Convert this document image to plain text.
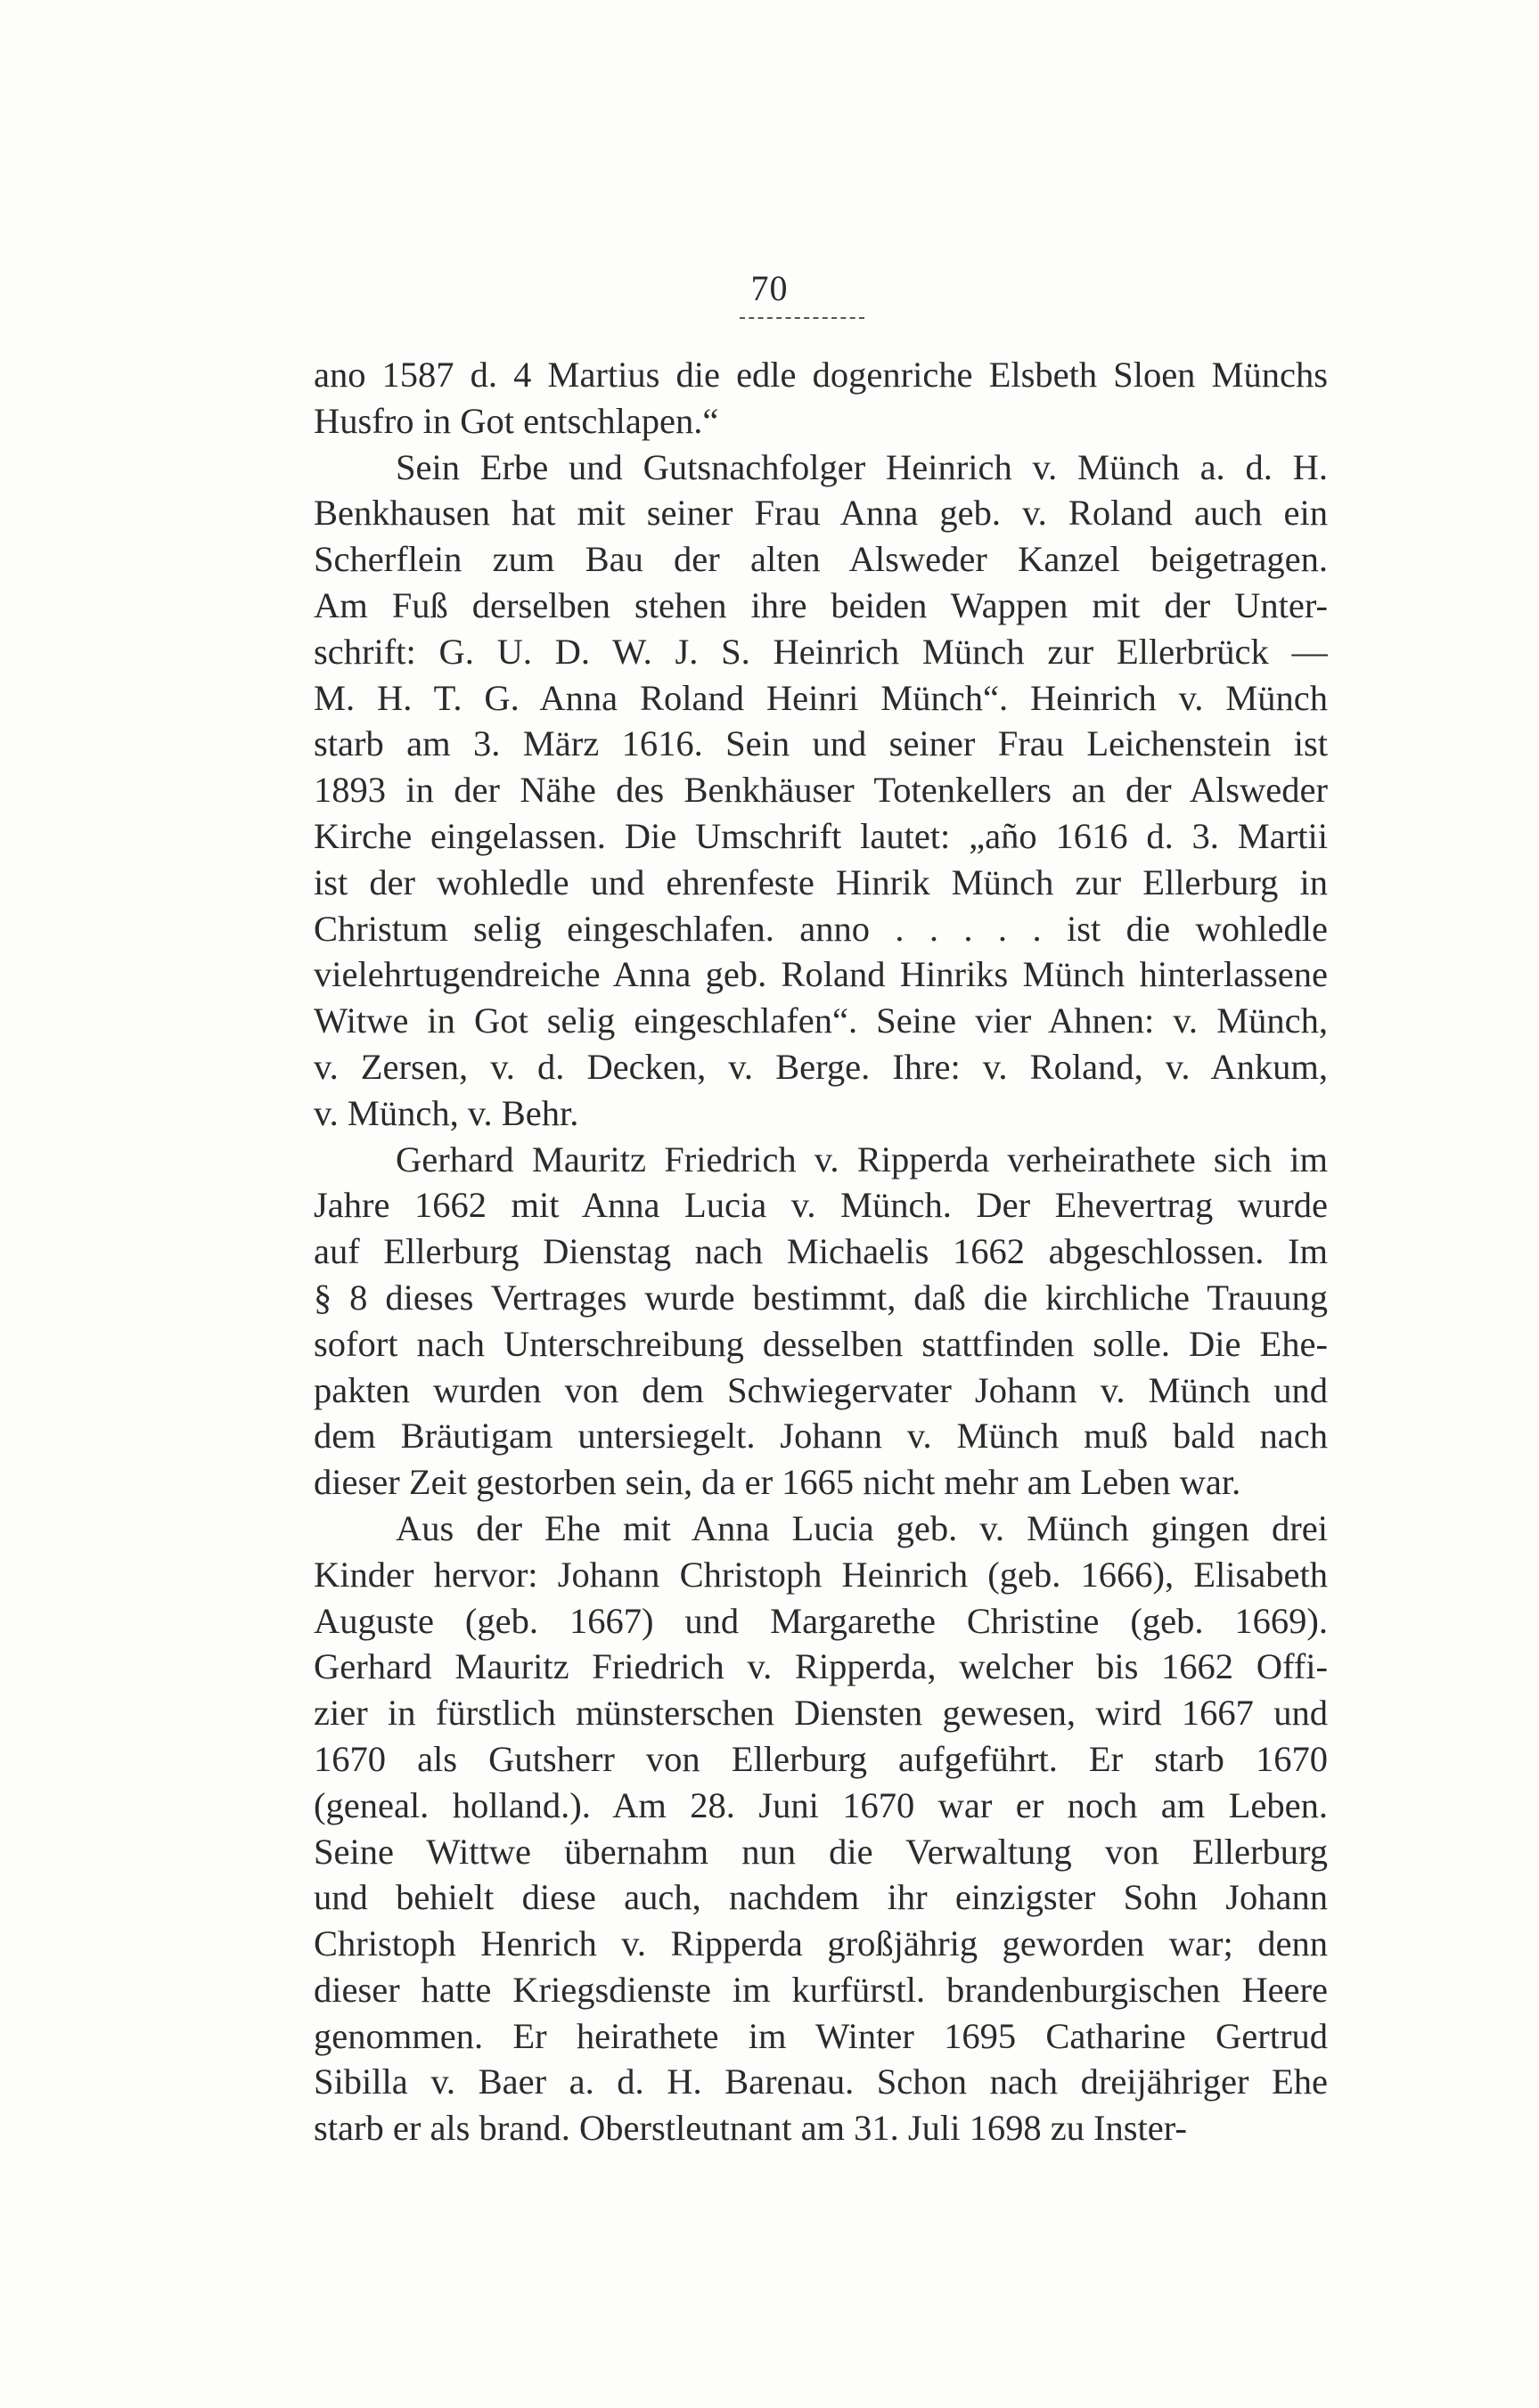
70
ano 1587 d. 4 Martius die edle dogenriche Elsbeth Sloen Münchs
Husfro in Got entschlapen.“
Sein Erbe und Gutsnachfolger Heinrich v. Münch a. d. H.
Benkhausen hat mit seiner Frau Anna geb. v. Roland auch ein
Scherflein zum Bau der alten Alsweder Kanzel beigetragen.
Am Fuß derselben stehen ihre beiden Wappen mit der Unter-
schrift: G. U. D. W. J. S. Heinrich Münch zur Ellerbrück —
M. H. T. G. Anna Roland Heinri Münch“. Heinrich v. Münch
starb am 3. März 1616. Sein und seiner Frau Leichenstein ist
1893 in der Nähe des Benkhäuser Totenkellers an der Alsweder
Kirche eingelassen. Die Umschrift lautet: „año 1616 d. 3. Martii
ist der wohledle und ehrenfeste Hinrik Münch zur Ellerburg in
Christum selig eingeschlafen. anno . . . . . ist die wohledle
vielehrtugendreiche Anna geb. Roland Hinriks Münch hinterlassene
Witwe in Got selig eingeschlafen“. Seine vier Ahnen: v. Münch,
v. Zersen, v. d. Decken, v. Berge. Ihre: v. Roland, v. Ankum,
v. Münch, v. Behr.
Gerhard Mauritz Friedrich v. Ripperda verheirathete sich im
Jahre 1662 mit Anna Lucia v. Münch. Der Ehevertrag wurde
auf Ellerburg Dienstag nach Michaelis 1662 abgeschlossen. Im
§ 8 dieses Vertrages wurde bestimmt, daß die kirchliche Trauung
sofort nach Unterschreibung desselben stattfinden solle. Die Ehe-
pakten wurden von dem Schwiegervater Johann v. Münch und
dem Bräutigam untersiegelt. Johann v. Münch muß bald nach
dieser Zeit gestorben sein, da er 1665 nicht mehr am Leben war.
Aus der Ehe mit Anna Lucia geb. v. Münch gingen drei
Kinder hervor: Johann Christoph Heinrich (geb. 1666), Elisabeth
Auguste (geb. 1667) und Margarethe Christine (geb. 1669).
Gerhard Mauritz Friedrich v. Ripperda, welcher bis 1662 Offi-
zier in fürstlich münsterschen Diensten gewesen, wird 1667 und
1670 als Gutsherr von Ellerburg aufgeführt. Er starb 1670
(geneal. holland.). Am 28. Juni 1670 war er noch am Leben.
Seine Wittwe übernahm nun die Verwaltung von Ellerburg
und behielt diese auch, nachdem ihr einzigster Sohn Johann
Christoph Henrich v. Ripperda großjährig geworden war; denn
dieser hatte Kriegsdienste im kurfürstl. brandenburgischen Heere
genommen. Er heirathete im Winter 1695 Catharine Gertrud
Sibilla v. Baer a. d. H. Barenau. Schon nach dreijähriger Ehe
starb er als brand. Oberstleutnant am 31. Juli 1698 zu Inster-
